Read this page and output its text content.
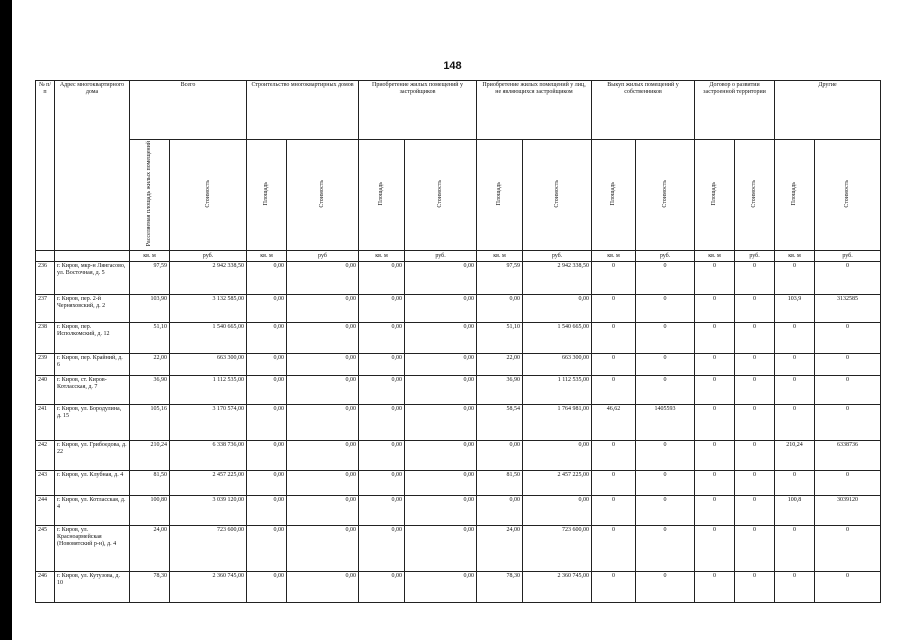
148
№ п/п	Адрес многоквартирного дома	Всего		Строительство многоквартирных домов		Приобретение жилых помещений у застройщиков		Приобретение жилых помещений у лиц, не являющихся застройщиком		Выкуп жилых помещений у собственников		Договор о развитии застроенной территории		Другие	
		Расселяемая площадь жилых помещений	Стоимость	Площадь	Стоимость	Площадь	Стоимость	Площадь	Стоимость	Площадь	Стоимость	Площадь	Стоимость	Площадь	Стоимость
		кв. м	руб.	кв. м	руб	кв. м	руб.	кв. м	руб.	кв. м	руб.	кв. м	руб.	кв. м	руб.
236	г. Киров, мкр-н Лянгасово, ул. Восточная, д. 5	97,59	2 942 338,50	0,00	0,00	0,00	0,00	97,59	2 942 338,50	0	0	0	0	0	0
237	г. Киров, пер. 2-й Черняховский, д. 2	103,90	3 132 585,00	0,00	0,00	0,00	0,00	0,00	0,00	0	0	0	0	103,9	3132585
238	г. Киров, пер. Исполкомский, д. 12	51,10	1 540 665,00	0,00	0,00	0,00	0,00	51,10	1 540 665,00	0	0	0	0	0	0
239	г. Киров, пер. Крайний, д. 6	22,00	663 300,00	0,00	0,00	0,00	0,00	22,00	663 300,00	0	0	0	0	0	0
240	г. Киров, ст. Киров-Котласская, д. 7	36,90	1 112 535,00	0,00	0,00	0,00	0,00	36,90	1 112 535,00	0	0	0	0	0	0
241	г. Киров, ул. Бородулина, д. 15	105,16	3 170 574,00	0,00	0,00	0,00	0,00	58,54	1 764 981,00	46,62	1405593	0	0	0	0
242	г. Киров, ул. Грибоедова, д. 22	210,24	6 338 736,00	0,00	0,00	0,00	0,00	0,00	0,00	0	0	0	0	210,24	6338736
243	г. Киров, ул. Клубная, д. 4	81,50	2 457 225,00	0,00	0,00	0,00	0,00	81,50	2 457 225,00	0	0	0	0	0	0
244	г. Киров, ул. Котласская, д. 4	100,80	3 039 120,00	0,00	0,00	0,00	0,00	0,00	0,00	0	0	0	0	100,8	3039120
245	г. Киров, ул. Красноармейская (Нововятский р-н), д. 4	24,00	723 600,00	0,00	0,00	0,00	0,00	24,00	723 600,00	0	0	0	0	0	0
246	г. Киров, ул. Кутузова, д. 10	78,30	2 360 745,00	0,00	0,00	0,00	0,00	78,30	2 360 745,00	0	0	0	0	0	0
